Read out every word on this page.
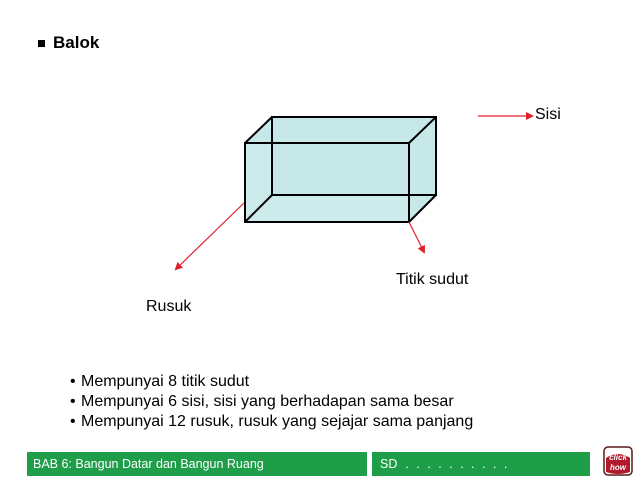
Balok
Sisi
Titik sudut
Rusuk
• Mempunyai 8 titik sudut
• Mempunyai 6 sisi, sisi yang berhadapan sama besar
• Mempunyai 12 rusuk, rusuk yang sejajar sama panjang
BAB 6: Bangun Datar dan Bangun Ruang	SD . . . . . . . . . .	click
how
